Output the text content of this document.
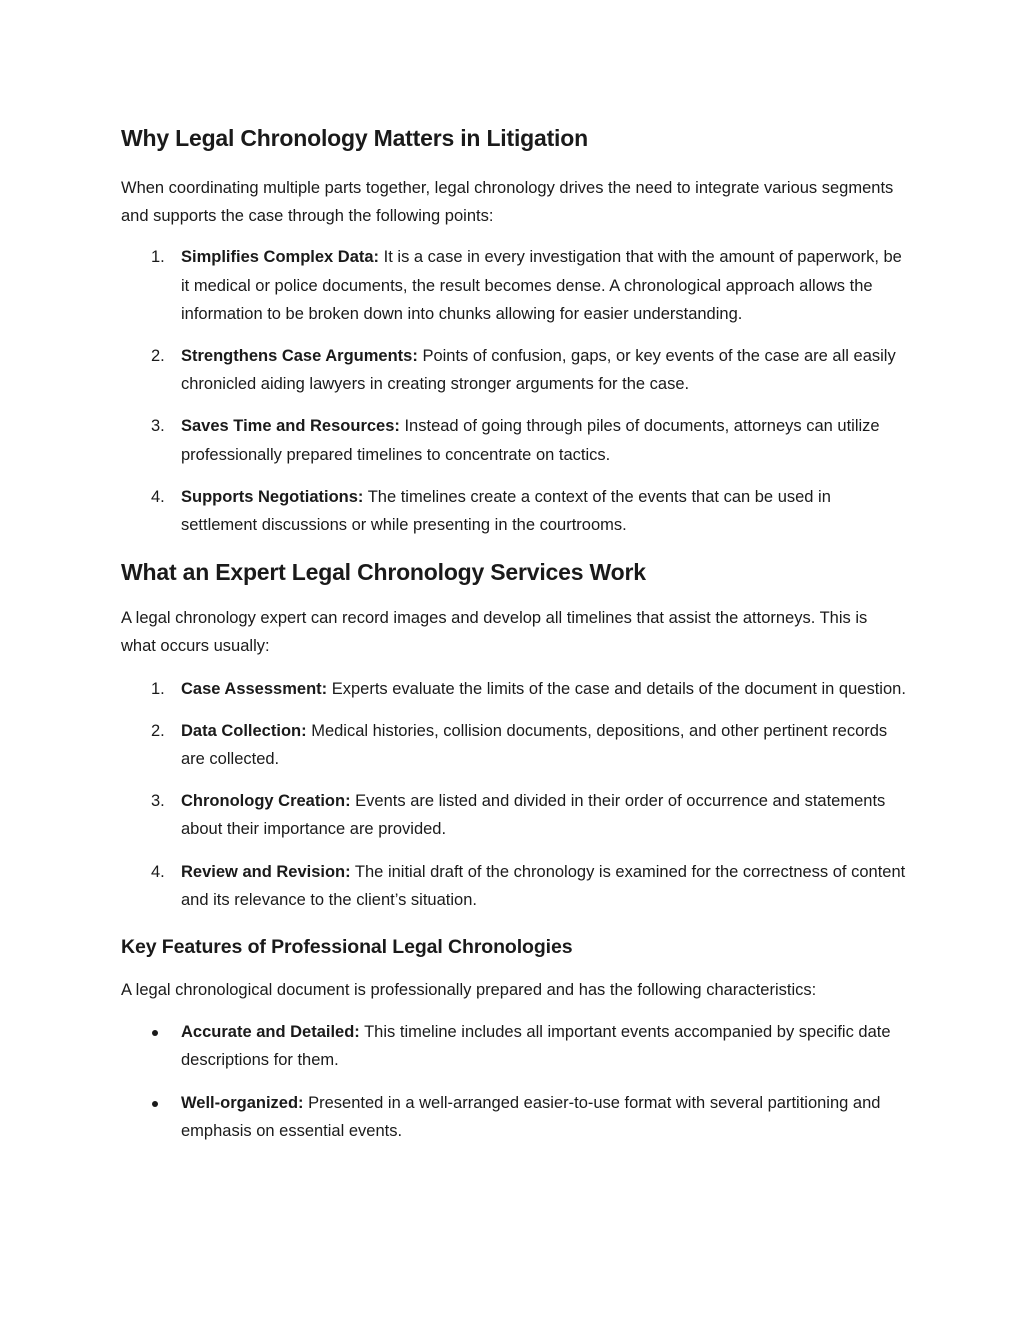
Why Legal Chronology Matters in Litigation

When coordinating multiple parts together, legal chronology drives the need to integrate various segments and supports the case through the following points:

1. Simplifies Complex Data: It is a case in every investigation that with the amount of paperwork, be it medical or police documents, the result becomes dense. A chronological approach allows the information to be broken down into chunks allowing for easier understanding.
2. Strengthens Case Arguments: Points of confusion, gaps, or key events of the case are all easily chronicled aiding lawyers in creating stronger arguments for the case.
3. Saves Time and Resources: Instead of going through piles of documents, attorneys can utilize professionally prepared timelines to concentrate on tactics.
4. Supports Negotiations: The timelines create a context of the events that can be used in settlement discussions or while presenting in the courtrooms.
What an Expert Legal Chronology Services Work

A legal chronology expert can record images and develop all timelines that assist the attorneys. This is what occurs usually:

1. Case Assessment: Experts evaluate the limits of the case and details of the document in question.
2. Data Collection: Medical histories, collision documents, depositions, and other pertinent records are collected.
3. Chronology Creation: Events are listed and divided in their order of occurrence and statements about their importance are provided.
4. Review and Revision: The initial draft of the chronology is examined for the correctness of content and its relevance to the client’s situation.
Key Features of Professional Legal Chronologies

A legal chronological document is professionally prepared and has the following characteristics:

Accurate and Detailed: This timeline includes all important events accompanied by specific date descriptions for them.
Well-organized: Presented in a well-arranged easier-to-use format with several partitioning and emphasis on essential events.
